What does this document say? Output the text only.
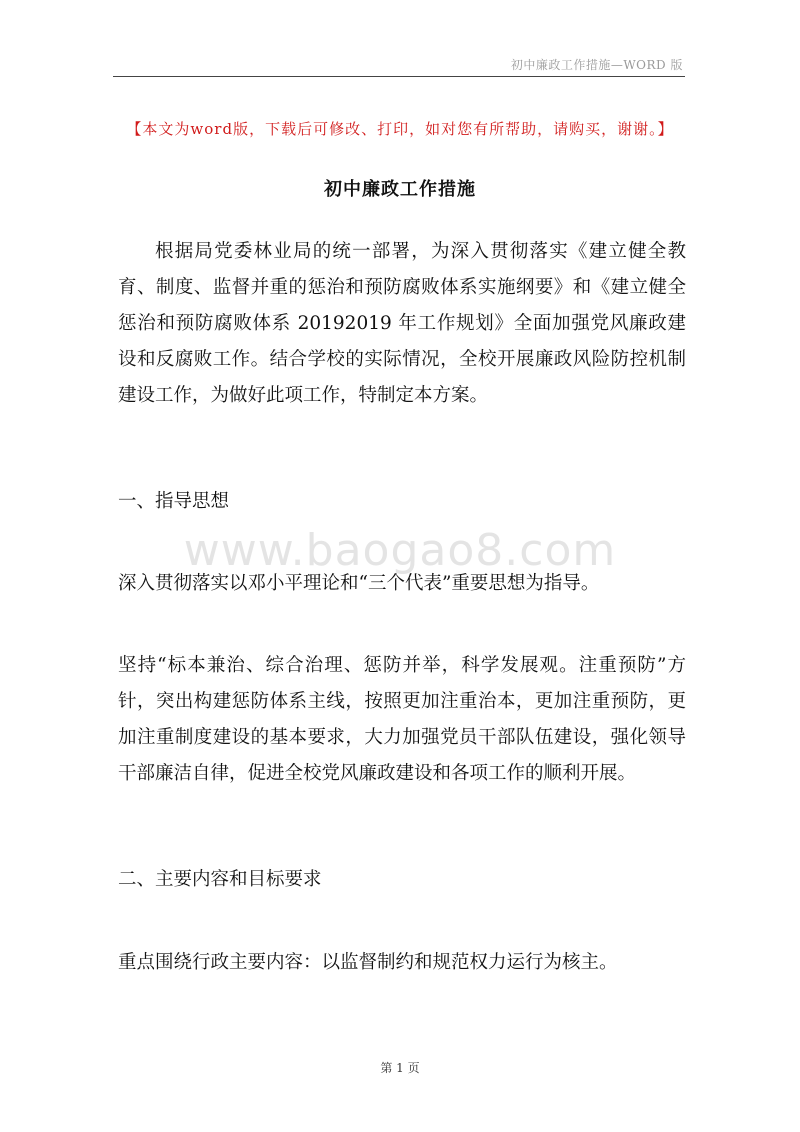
初中廉政工作措施—WORD 版
【本文为word版，下载后可修改、打印，如对您有所帮助，请购买，谢谢。】
初中廉政工作措施

根据局党委林业局的统一部署，为深入贯彻落实《建立健全教育、制度、监督并重的惩治和预防腐败体系实施纲要》和《建立健全惩治和预防腐败体系 20192019 年工作规划》全面加强党风廉政建设和反腐败工作。结合学校的实际情况，全校开展廉政风险防控机制建设工作，为做好此项工作，特制定本方案。

一、指导思想

www.baogao8.com

深入贯彻落实以邓小平理论和“三个代表”重要思想为指导。

坚持“标本兼治、综合治理、惩防并举，科学发展观。注重预防”方针，突出构建惩防体系主线，按照更加注重治本，更加注重预防，更加注重制度建设的基本要求，大力加强党员干部队伍建设，强化领导干部廉洁自律，促进全校党风廉政建设和各项工作的顺利开展。

二、主要内容和目标要求

重点围绕行政主要内容：以监督制约和规范权力运行为核主。

第 1 页
